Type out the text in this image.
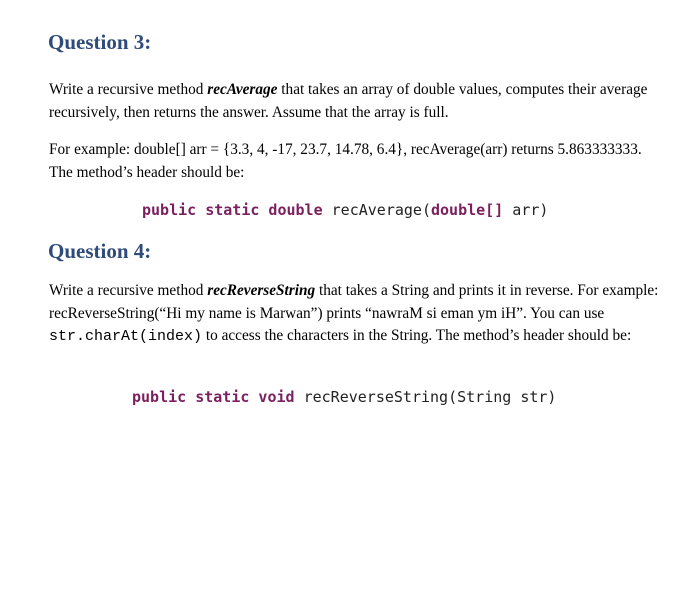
Question 3:

Write a recursive method recAverage that takes an array of double values, computes their average recursively, then returns the answer. Assume that the array is full.

For example: double[] arr = {3.3, 4, -17, 23.7, 14.78, 6.4}, recAverage(arr) returns 5.863333333. The method’s header should be:

public static double recAverage(double[] arr)

Question 4:

Write a recursive method recReverseString that takes a String and prints it in reverse. For example: recReverseString(“Hi my name is Marwan”) prints “nawraM si eman ym iH”. You can use str.charAt(index) to access the characters in the String. The method’s header should be:

public static void recReverseString(String str)
